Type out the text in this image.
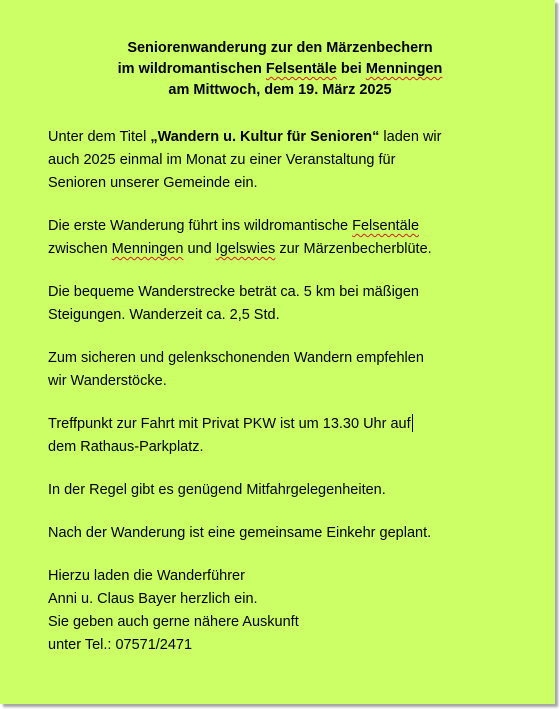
Seniorenwanderung zur den Märzenbechern
im wildromantischen Felsentäle bei Menningen
am Mittwoch, dem 19. März 2025
Unter dem Titel „Wandern u. Kultur für Senioren“ laden wir
auch 2025 einmal im Monat zu einer Veranstaltung für
Senioren unserer Gemeinde ein.
Die erste Wanderung führt ins wildromantische Felsentäle
zwischen Menningen und Igelswies zur Märzenbecherblüte.
Die bequeme Wanderstrecke beträt ca. 5 km bei mäßigen
Steigungen. Wanderzeit ca. 2,5 Std.
Zum sicheren und gelenkschonenden Wandern empfehlen
wir Wanderstöcke.
Treffpunkt zur Fahrt mit Privat PKW ist um 13.30 Uhr auf
dem Rathaus-Parkplatz.
In der Regel gibt es genügend Mitfahrgelegenheiten.
Nach der Wanderung ist eine gemeinsame Einkehr geplant.
Hierzu laden die Wanderführer
Anni u. Claus Bayer herzlich ein.
Sie geben auch gerne nähere Auskunft
unter Tel.: 07571/2471
